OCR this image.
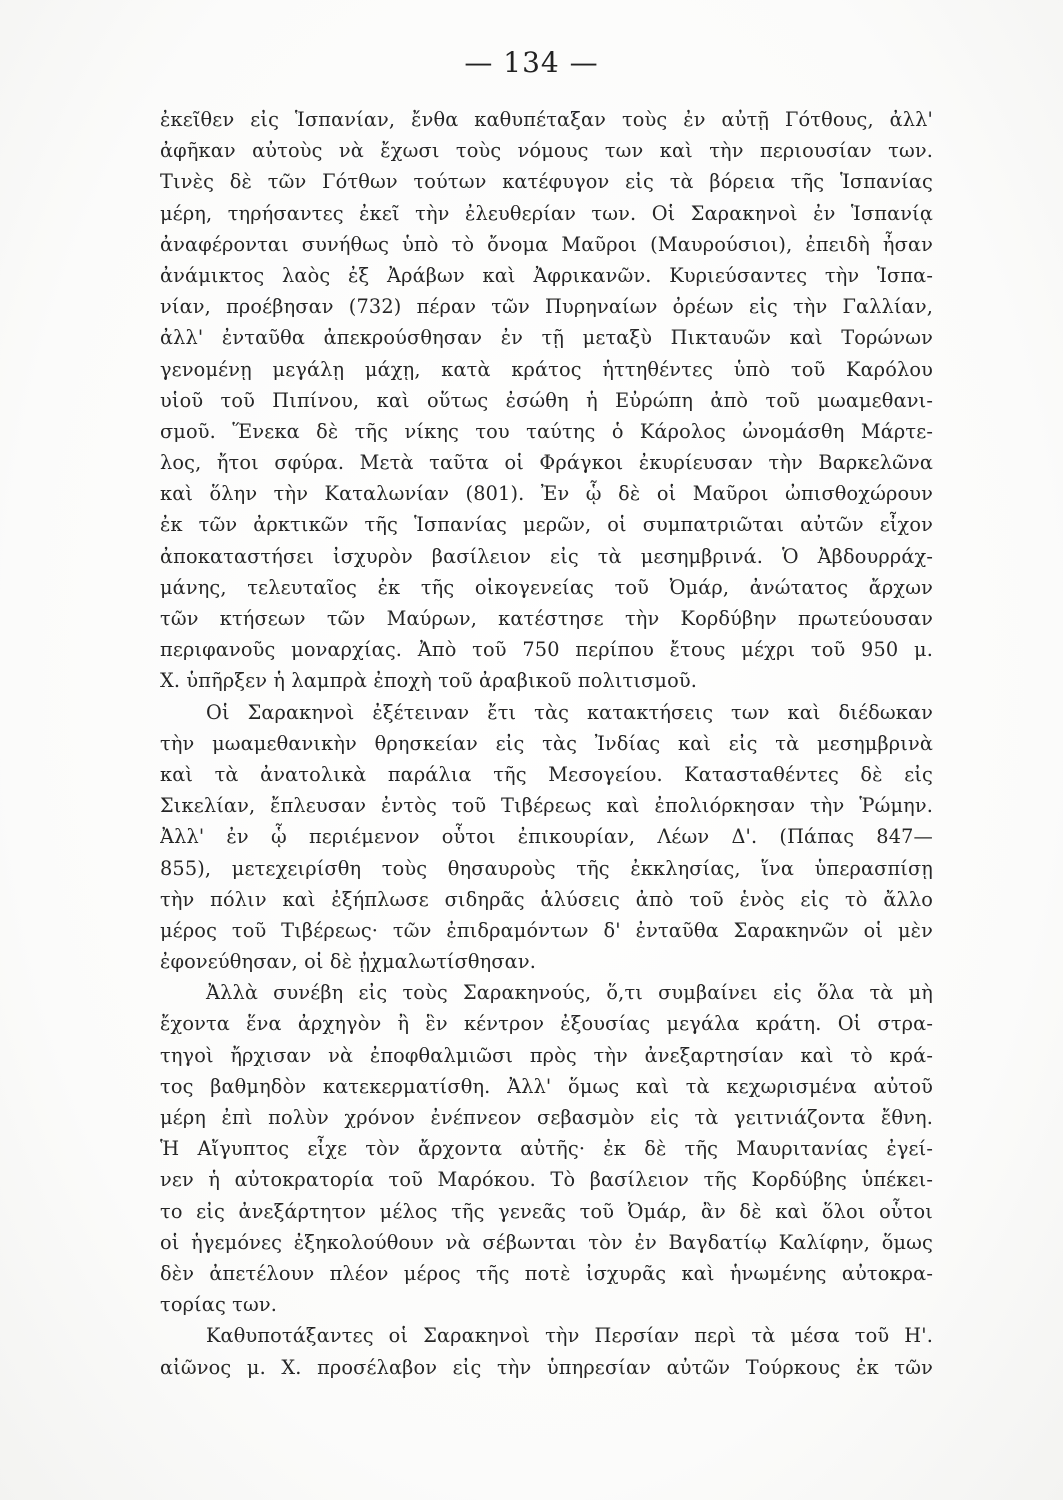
— 134 —
ἐκεῖθεν εἰς Ἱσπανίαν, ἔνθα καθυπέταξαν τοὺς ἐν αὐτῇ Γότθους, ἀλλ'
ἀφῆκαν αὐτοὺς νὰ ἔχωσι τοὺς νόμους των καὶ τὴν περιουσίαν των.
Τινὲς δὲ τῶν Γότθων τούτων κατέφυγον εἰς τὰ βόρεια τῆς Ἱσπανίας
μέρη, τηρήσαντες ἐκεῖ τὴν ἐλευθερίαν των. Οἱ Σαρακηνοὶ ἐν Ἱσπανίᾳ
ἀναφέρονται συνήθως ὑπὸ τὸ ὄνομα Μαῦροι (Μαυρούσιοι), ἐπειδὴ ἦσαν
ἀνάμικτος λαὸς ἐξ Ἀράβων καὶ Ἀφρικανῶν. Κυριεύσαντες τὴν Ἱσπα-
νίαν, προέβησαν (732) πέραν τῶν Πυρηναίων ὀρέων εἰς τὴν Γαλλίαν,
ἀλλ' ἐνταῦθα ἀπεκρούσθησαν ἐν τῇ μεταξὺ Πικταυῶν καὶ Τορώνων
γενομένῃ μεγάλῃ μάχῃ, κατὰ κράτος ἡττηθέντες ὑπὸ τοῦ Καρόλου
υἱοῦ τοῦ Πιπίνου, καὶ οὕτως ἐσώθη ἡ Εὐρώπη ἀπὸ τοῦ μωαμεθανι-
σμοῦ. Ἕνεκα δὲ τῆς νίκης του ταύτης ὁ Κάρολος ὠνομάσθη Μάρτε-
λος, ἤτοι σφύρα. Μετὰ ταῦτα οἱ Φράγκοι ἐκυρίευσαν τὴν Βαρκελῶνα
καὶ ὅλην τὴν Καταλωνίαν (801). Ἐν ᾧ δὲ οἱ Μαῦροι ὠπισθοχώρουν
ἐκ τῶν ἀρκτικῶν τῆς Ἱσπανίας μερῶν, οἱ συμπατριῶται αὐτῶν εἶχον
ἀποκαταστήσει ἰσχυρὸν βασίλειον εἰς τὰ μεσημβρινά. Ὁ Ἀβδουρράχ-
μάνης, τελευταῖος ἐκ τῆς οἰκογενείας τοῦ Ὀμάρ, ἀνώτατος ἄρχων
τῶν κτήσεων τῶν Μαύρων, κατέστησε τὴν Κορδύβην πρωτεύουσαν
περιφανοῦς μοναρχίας. Ἀπὸ τοῦ 750 περίπου ἔτους μέχρι τοῦ 950 μ.
Χ. ὑπῆρξεν ἡ λαμπρὰ ἐποχὴ τοῦ ἀραβικοῦ πολιτισμοῦ.
Οἱ Σαρακηνοὶ ἐξέτειναν ἔτι τὰς κατακτήσεις των καὶ διέδωκαν
τὴν μωαμεθανικὴν θρησκείαν εἰς τὰς Ἰνδίας καὶ εἰς τὰ μεσημβρινὰ
καὶ τὰ ἀνατολικὰ παράλια τῆς Μεσογείου. Κατασταθέντες δὲ εἰς
Σικελίαν, ἔπλευσαν ἐντὸς τοῦ Τιβέρεως καὶ ἐπολιόρκησαν τὴν Ῥώμην.
Ἀλλ' ἐν ᾧ περιέμενον οὗτοι ἐπικουρίαν, Λέων Δ'. (Πάπας 847—
855), μετεχειρίσθη τοὺς θησαυροὺς τῆς ἐκκλησίας, ἵνα ὑπερασπίσῃ
τὴν πόλιν καὶ ἐξήπλωσε σιδηρᾶς ἁλύσεις ἀπὸ τοῦ ἑνὸς εἰς τὸ ἄλλο
μέρος τοῦ Τιβέρεως· τῶν ἐπιδραμόντων δ' ἐνταῦθα Σαρακηνῶν οἱ μὲν
ἐφονεύθησαν, οἱ δὲ ᾐχμαλωτίσθησαν.
Ἀλλὰ συνέβη εἰς τοὺς Σαρακηνούς, ὅ,τι συμβαίνει εἰς ὅλα τὰ μὴ
ἔχοντα ἕνα ἀρχηγὸν ἢ ἓν κέντρον ἐξουσίας μεγάλα κράτη. Οἱ στρα-
τηγοὶ ἤρχισαν νὰ ἐποφθαλμιῶσι πρὸς τὴν ἀνεξαρτησίαν καὶ τὸ κρά-
τος βαθμηδὸν κατεκερματίσθη. Ἀλλ' ὅμως καὶ τὰ κεχωρισμένα αὐτοῦ
μέρη ἐπὶ πολὺν χρόνον ἐνέπνεον σεβασμὸν εἰς τὰ γειτνιάζοντα ἔθνη.
Ἡ Αἴγυπτος εἶχε τὸν ἄρχοντα αὐτῆς· ἐκ δὲ τῆς Μαυριτανίας ἐγεί-
νεν ἡ αὐτοκρατορία τοῦ Μαρόκου. Τὸ βασίλειον τῆς Κορδύβης ὑπέκει-
το εἰς ἀνεξάρτητον μέλος τῆς γενεᾶς τοῦ Ὀμάρ, ἂν δὲ καὶ ὅλοι οὗτοι
οἱ ἡγεμόνες ἐξηκολούθουν νὰ σέβωνται τὸν ἐν Βαγδατίῳ Καλίφην, ὅμως
δὲν ἀπετέλουν πλέον μέρος τῆς ποτὲ ἰσχυρᾶς καὶ ἡνωμένης αὐτοκρα-
τορίας των.
Καθυποτάξαντες οἱ Σαρακηνοὶ τὴν Περσίαν περὶ τὰ μέσα τοῦ Η'.
αἰῶνος μ. Χ. προσέλαβον εἰς τὴν ὑπηρεσίαν αὐτῶν Τούρκους ἐκ τῶν
